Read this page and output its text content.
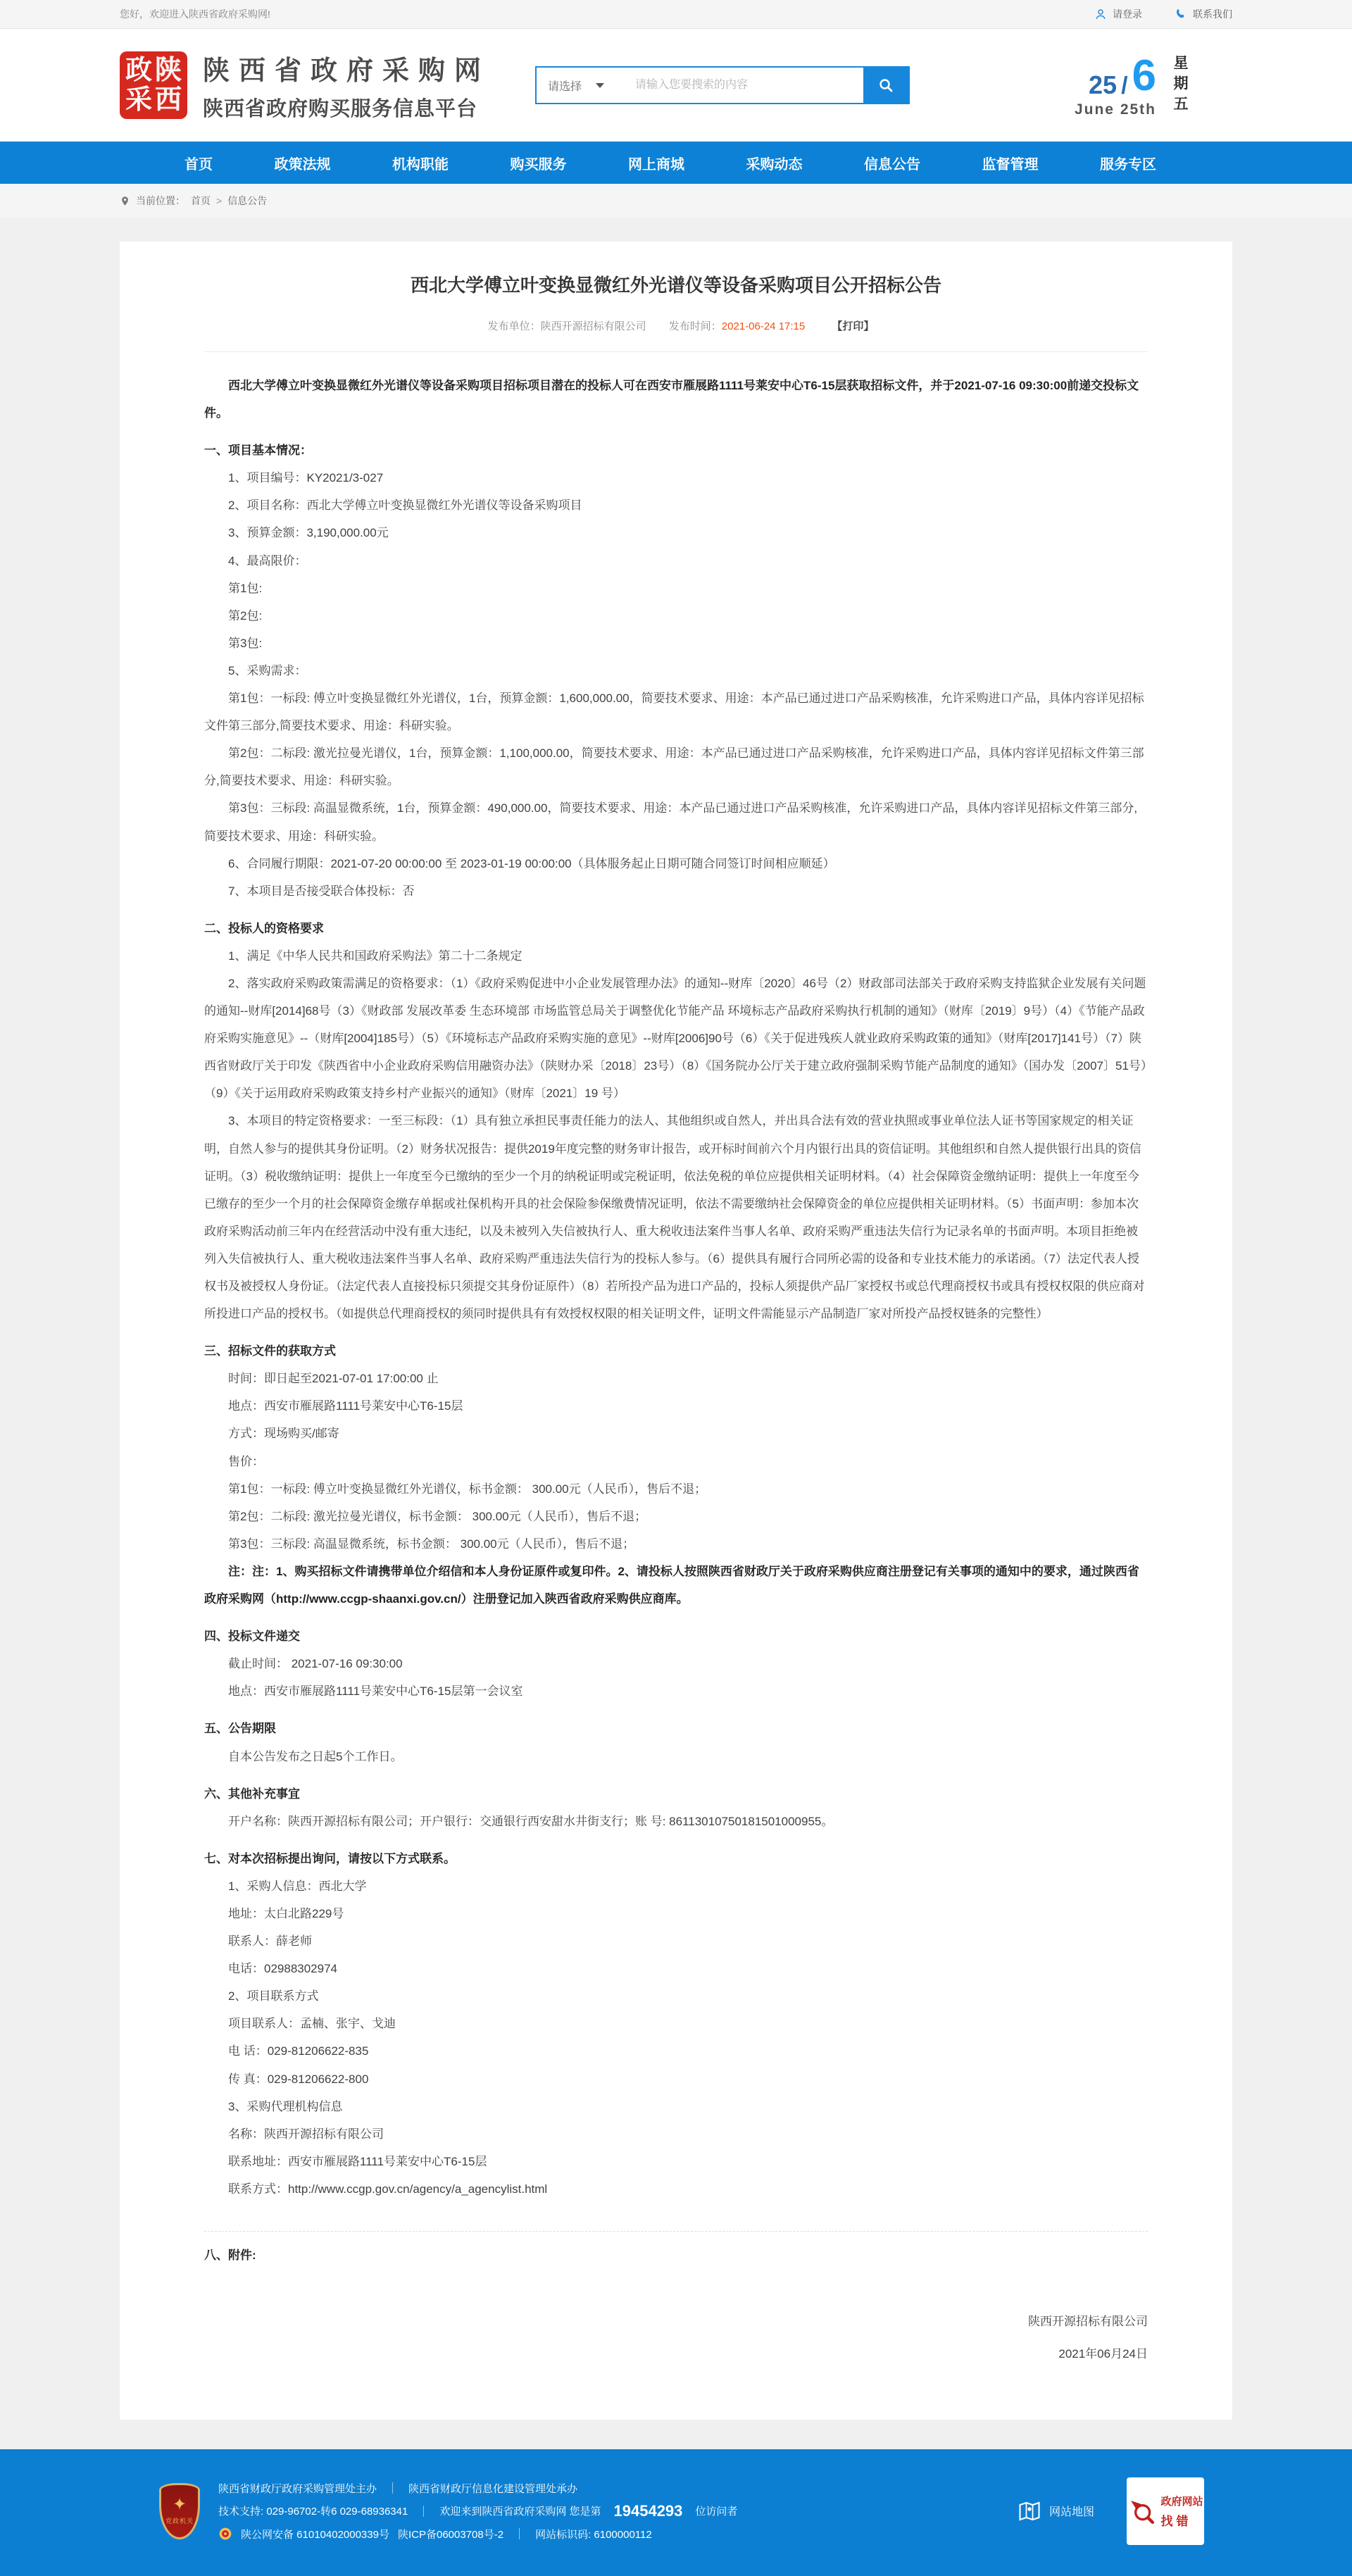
您好，欢迎进入陕西省政府采购网!	请登录	联系我们
政 陕
采 西
陕西省政府采购网
陕西省政府购买服务信息平台
请选择
请输入您要搜索的内容	25 / 6
June 25th 星期五
首页	政策法规	机构职能	购买服务	网上商城	采购动态	信息公告	监督管理	服务专区
当前位置： 首页 > 信息公告
西北大学傅立叶变换显微红外光谱仪等设备采购项目公开招标公告
发布单位：陕西开源招标有限公司 发布时间：2021-06-24 17:15	【打印】

西北大学傅立叶变换显微红外光谱仪等设备采购项目招标项目潜在的投标人可在西安市雁展路1111号莱安中心T6-15层获取招标文件，并于2021-07-16 09:30:00前递交投标文件。

一、项目基本情况：

1、项目编号：KY2021/3-027

2、项目名称：西北大学傅立叶变换显微红外光谱仪等设备采购项目

3、预算金额：3,190,000.00元

4、最高限价：

第1包:

第2包:

第3包:

5、采购需求：

第1包：一标段: 傅立叶变换显微红外光谱仪，1台，预算金额：1,600,000.00，简要技术要求、用途：本产品已通过进口产品采购核准，允许采购进口产品，具体内容详见招标文件第三部分,简要技术要求、用途：科研实验。

第2包：二标段: 激光拉曼光谱仪，1台，预算金额：1,100,000.00，简要技术要求、用途：本产品已通过进口产品采购核准，允许采购进口产品，具体内容详见招标文件第三部分,简要技术要求、用途：科研实验。

第3包：三标段: 高温显微系统，1台，预算金额：490,000.00，简要技术要求、用途：本产品已通过进口产品采购核准，允许采购进口产品，具体内容详见招标文件第三部分,简要技术要求、用途：科研实验。

6、合同履行期限：2021-07-20 00:00:00 至 2023-01-19 00:00:00（具体服务起止日期可随合同签订时间相应顺延）

7、本项目是否接受联合体投标：否

二、投标人的资格要求

1、满足《中华人民共和国政府采购法》第二十二条规定

2、落实政府采购政策需满足的资格要求：（1）《政府采购促进中小企业发展管理办法》的通知--财库〔2020〕46号（2）财政部司法部关于政府采购支持监狱企业发展有关问题的通知--财库[2014]68号（3）《财政部 发展改革委 生态环境部 市场监管总局关于调整优化节能产品 环境标志产品政府采购执行机制的通知》（财库〔2019〕9号）（4）《节能产品政府采购实施意见》--（财库[2004]185号）（5）《环境标志产品政府采购实施的意见》--财库[2006]90号（6）《关于促进残疾人就业政府采购政策的通知》（财库[2017]141号）（7）陕西省财政厅关于印发《陕西省中小企业政府采购信用融资办法》（陕财办采〔2018〕23号）（8）《国务院办公厅关于建立政府强制采购节能产品制度的通知》（国办发〔2007〕51号）（9）《关于运用政府采购政策支持乡村产业振兴的通知》（财库〔2021〕19 号）

3、本项目的特定资格要求：一至三标段：（1）具有独立承担民事责任能力的法人、其他组织或自然人，并出具合法有效的营业执照或事业单位法人证书等国家规定的相关证明，自然人参与的提供其身份证明。（2）财务状况报告：提供2019年度完整的财务审计报告，或开标时间前六个月内银行出具的资信证明。其他组织和自然人提供银行出具的资信证明。（3）税收缴纳证明：提供上一年度至今已缴纳的至少一个月的纳税证明或完税证明，依法免税的单位应提供相关证明材料。（4）社会保障资金缴纳证明：提供上一年度至今已缴存的至少一个月的社会保障资金缴存单据或社保机构开具的社会保险参保缴费情况证明，依法不需要缴纳社会保障资金的单位应提供相关证明材料。（5）书面声明：参加本次政府采购活动前三年内在经营活动中没有重大违纪，以及未被列入失信被执行人、重大税收违法案件当事人名单、政府采购严重违法失信行为记录名单的书面声明。本项目拒绝被列入失信被执行人、重大税收违法案件当事人名单、政府采购严重违法失信行为的投标人参与。（6）提供具有履行合同所必需的设备和专业技术能力的承诺函。（7）法定代表人授权书及被授权人身份证。（法定代表人直接投标只须提交其身份证原件）（8）若所投产品为进口产品的，投标人须提供产品厂家授权书或总代理商授权书或具有授权权限的供应商对所投进口产品的授权书。（如提供总代理商授权的须同时提供具有有效授权权限的相关证明文件，证明文件需能显示产品制造厂家对所投产品授权链条的完整性）

三、招标文件的获取方式

时间：即日起至2021-07-01 17:00:00 止

地点：西安市雁展路1111号莱安中心T6-15层

方式：现场购买/邮寄

售价：

第1包：一标段: 傅立叶变换显微红外光谱仪，标书金额： 300.00元（人民币），售后不退；

第2包：二标段: 激光拉曼光谱仪，标书金额： 300.00元（人民币），售后不退；

第3包：三标段: 高温显微系统，标书金额： 300.00元（人民币），售后不退；

注：注：1、购买招标文件请携带单位介绍信和本人身份证原件或复印件。2、请投标人按照陕西省财政厅关于政府采购供应商注册登记有关事项的通知中的要求，通过陕西省政府采购网（http://www.ccgp-shaanxi.gov.cn/）注册登记加入陕西省政府采购供应商库。

四、投标文件递交

截止时间： 2021-07-16 09:30:00

地点：西安市雁展路1111号莱安中心T6-15层第一会议室

五、公告期限

自本公告发布之日起5个工作日。

六、其他补充事宜

开户名称：陕西开源招标有限公司；开户银行：交通银行西安甜水井街支行；账 号: 86113010750181501000955。

七、对本次招标提出询问，请按以下方式联系。

1、采购人信息：西北大学

地址：太白北路229号

联系人：薛老师

电话：02988302974

2、项目联系方式

项目联系人：孟楠、张宇、戈迪

电 话：029-81206622-835

传 真：029-81206622-800

3、采购代理机构信息

名称：陕西开源招标有限公司

联系地址：西安市雁展路1111号莱安中心T6-15层

联系方式：http://www.ccgp.gov.cn/agency/a_agencylist.html

八、附件:

陕西开源招标有限公司
2021年06月24日
✦
党政机关
陕西省财政厅政府采购管理处主办	陕西省财政厅信息化建设管理处承办
技术支持: 029-96702-转6 029-68936341	欢迎来到陕西省政府采购网 您是第 19454293 位访问者
陕公网安备 61010402000339号 陕ICP备06003708号-2	网站标识码: 6100000112
网站地图
政府网站
找错
